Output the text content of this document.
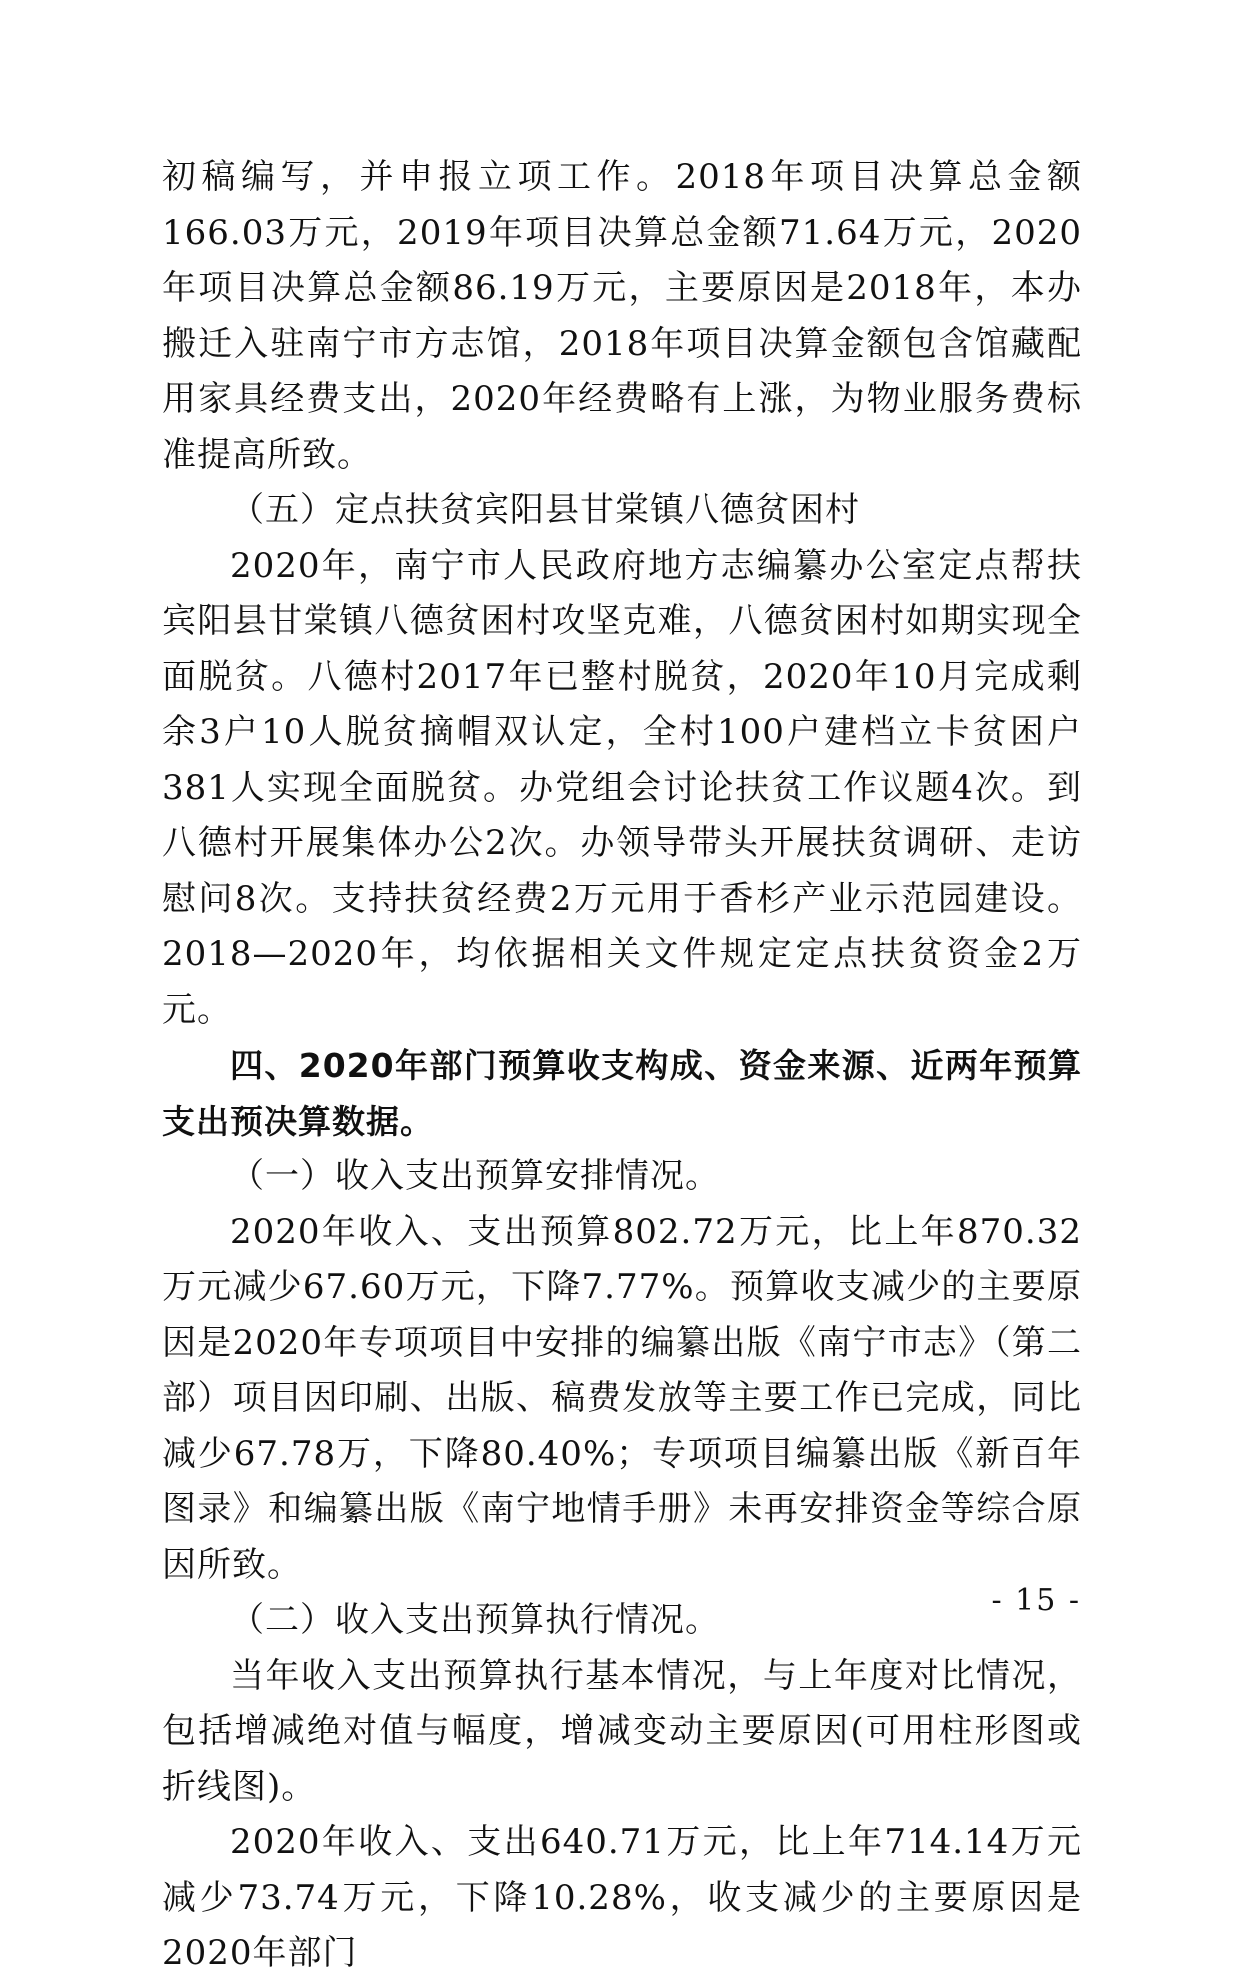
初稿编写，并申报立项工作。2018年项目决算总金额166.03万元，2019年项目决算总金额71.64万元，2020年项目决算总金额86.19万元，主要原因是2018年，本办搬迁入驻南宁市方志馆，2018年项目决算金额包含馆藏配用家具经费支出，2020年经费略有上涨，为物业服务费标准提高所致。

（五）定点扶贫宾阳县甘棠镇八德贫困村

2020年，南宁市人民政府地方志编纂办公室定点帮扶宾阳县甘棠镇八德贫困村攻坚克难，八德贫困村如期实现全面脱贫。八德村2017年已整村脱贫，2020年10月完成剩余3户10人脱贫摘帽双认定，全村100户建档立卡贫困户381人实现全面脱贫。办党组会讨论扶贫工作议题4次。到八德村开展集体办公2次。办领导带头开展扶贫调研、走访慰问8次。支持扶贫经费2万元用于香杉产业示范园建设。2018—2020年，均依据相关文件规定定点扶贫资金2万元。

四、2020年部门预算收支构成、资金来源、近两年预算支出预决算数据。

（一）收入支出预算安排情况。

2020年收入、支出预算802.72万元，比上年870.32万元减少67.60万元，下降7.77%。预算收支减少的主要原因是2020年专项项目中安排的编纂出版《南宁市志》（第二部）项目因印刷、出版、稿费发放等主要工作已完成，同比减少67.78万，下降80.40%；专项项目编纂出版《新百年图录》和编纂出版《南宁地情手册》未再安排资金等综合原因所致。

（二）收入支出预算执行情况。

当年收入支出预算执行基本情况，与上年度对比情况，包括增减绝对值与幅度，增减变动主要原因(可用柱形图或折线图)。

2020年收入、支出640.71万元，比上年714.14万元减少73.74万元，下降10.28%，收支减少的主要原因是2020年部门

- 15 -
